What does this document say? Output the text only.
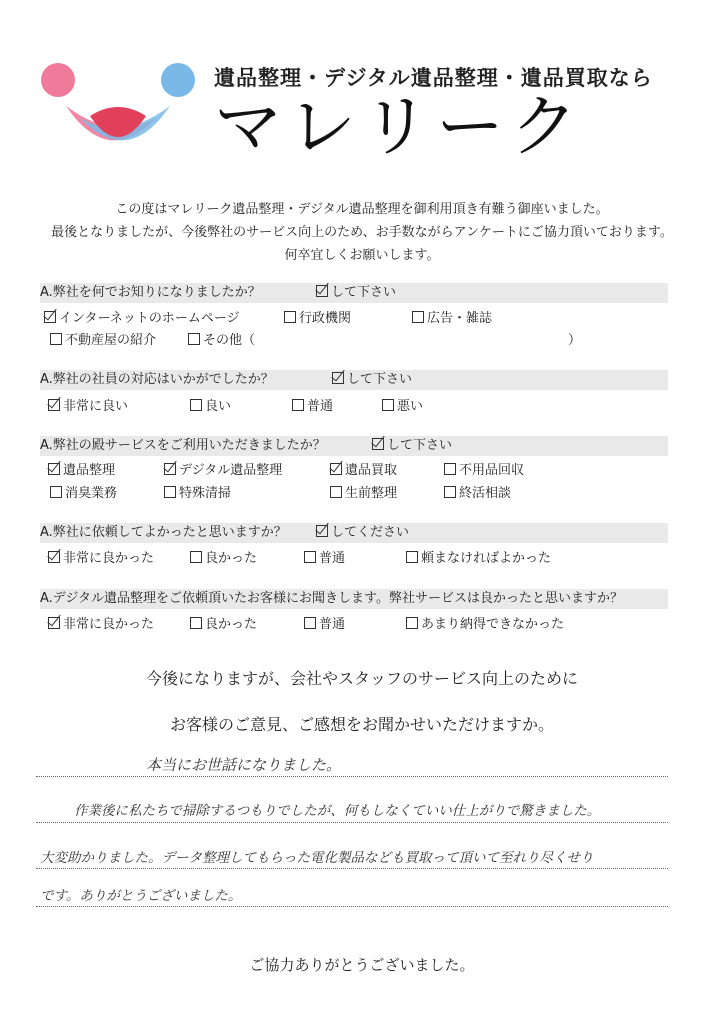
遺品整理・デジタル遺品整理・遺品買取なら
マレリーク
この度はマレリーク遺品整理・デジタル遺品整理を御利用頂き有難う御座いました。
最後となりましたが、今後弊社のサービス向上のため、お手数ながらアンケートにご協力頂いております。
何卒宜しくお願いします。
A.弊社を何でお知りになりましたか？	して下さい
インターネットのホームページ	行政機関	広告・雑誌
不動産屋の紹介	その他（	）
A.弊社の社員の対応はいかがでしたか？	して下さい
非常に良い	良い	普通	悪い
A.弊社の殿サービスをご利用いただきましたか？	して下さい
遺品整理	デジタル遺品整理	遺品買取	不用品回収
消臭業務	特殊清掃	生前整理	終活相談
A.弊社に依頼してよかったと思いますか？	してください
非常に良かった	良かった	普通	頼まなければよかった
A.デジタル遺品整理をご依頼頂いたお客様にお聞きします。弊社サービスは良かったと思いますか？
非常に良かった	良かった	普通	あまり納得できなかった
今後になりますが、会社やスタッフのサービス向上のために
お客様のご意見、ご感想をお聞かせいただけますか。
本当にお世話になりました。
作業後に私たちで掃除するつもりでしたが、何もしなくていい仕上がりで驚きました。
大変助かりました。データ整理してもらった電化製品なども買取って頂いて至れり尽くせり
です。ありがとうございました。
ご協力ありがとうございました。
